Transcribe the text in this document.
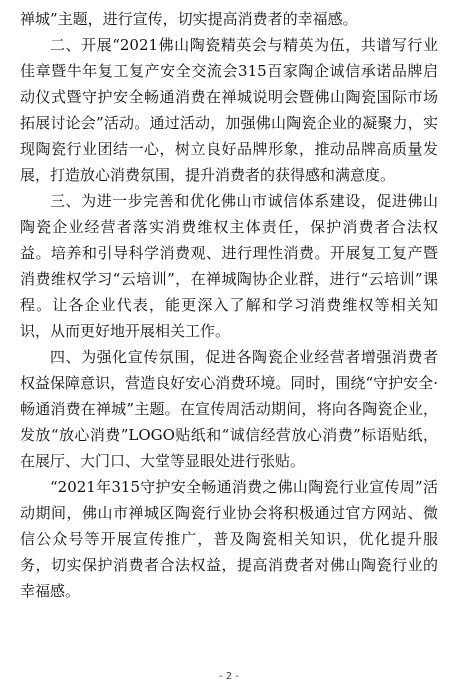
禅城”主题，进行宣传，切实提高消费者的幸福感。

二、开展“2021佛山陶瓷精英会与精英为伍，共谱写行业佳章暨牛年复工复产安全交流会315百家陶企诚信承诺品牌启动仪式暨守护安全畅通消费在禅城说明会暨佛山陶瓷国际市场拓展讨论会”活动。通过活动，加强佛山陶瓷企业的凝聚力，实现陶瓷行业团结一心，树立良好品牌形象，推动品牌高质量发展，打造放心消费氛围，提升消费者的获得感和满意度。

三、为进一步完善和优化佛山市诚信体系建设，促进佛山陶瓷企业经营者落实消费维权主体责任，保护消费者合法权益。培养和引导科学消费观、进行理性消费。开展复工复产暨消费维权学习“云培训”，在禅城陶协企业群，进行“云培训”课程。让各企业代表，能更深入了解和学习消费维权等相关知识，从而更好地开展相关工作。

四、为强化宣传氛围，促进各陶瓷企业经营者增强消费者权益保障意识，营造良好安心消费环境。同时，围绕“守护安全·畅通消费在禅城”主题。在宣传周活动期间，将向各陶瓷企业，发放“放心消费”LOGO贴纸和“诚信经营放心消费”标语贴纸，在展厅、大门口、大堂等显眼处进行张贴。

“2021年315守护安全畅通消费之佛山陶瓷行业宣传周”活动期间，佛山市禅城区陶瓷行业协会将积极通过官方网站、微信公众号等开展宣传推广，普及陶瓷相关知识，优化提升服务，切实保护消费者合法权益，提高消费者对佛山陶瓷行业的幸福感。

- 2 -
